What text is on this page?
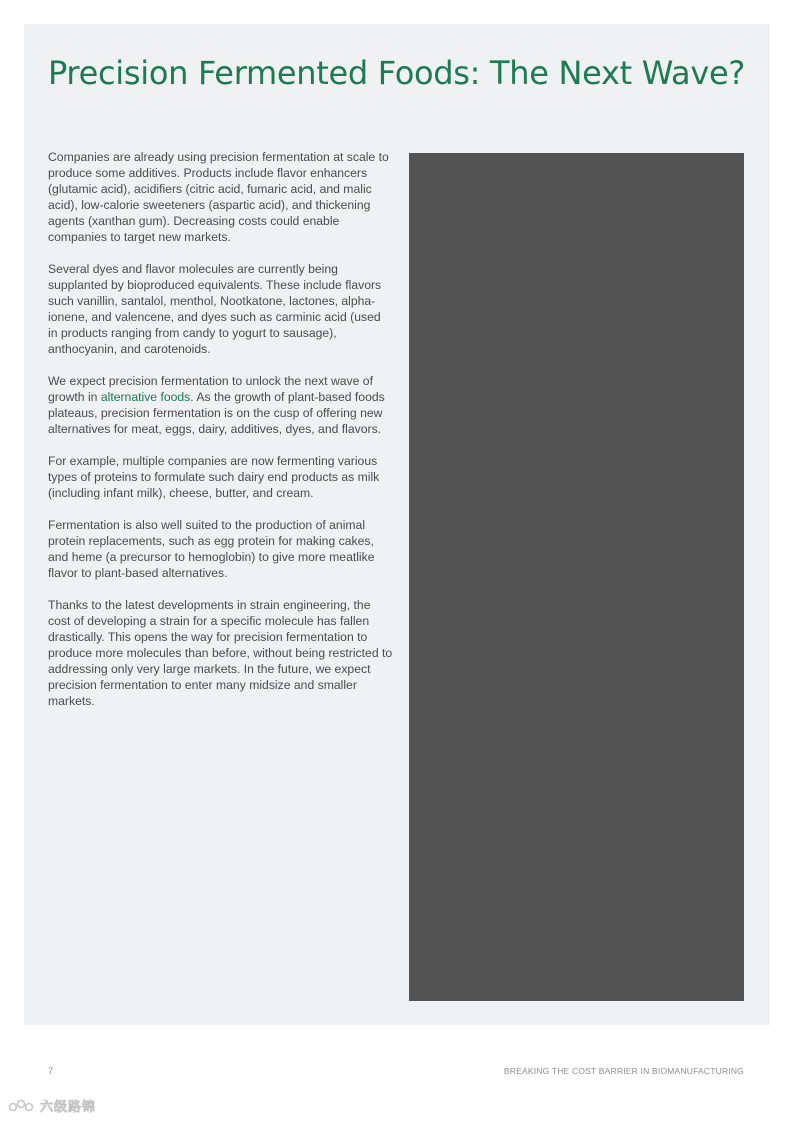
Precision Fermented Foods: The Next Wave?

Companies are already using precision fermentation at scale to produce some additives. Products include flavor enhancers (glutamic acid), acidifiers (citric acid, fumaric acid, and malic acid), low-calorie sweeteners (aspartic acid), and thickening agents (xanthan gum). Decreasing costs could enable companies to target new markets.

Several dyes and flavor molecules are currently being supplanted by bioproduced equivalents. These include flavors such vanillin, santalol, menthol, Nootkatone, lactones, alpha-ionene, and valencene, and dyes such as carminic acid (used in products ranging from candy to yogurt to sausage), anthocyanin, and carotenoids.

We expect precision fermentation to unlock the next wave of growth in alternative foods. As the growth of plant-based foods plateaus, precision fermentation is on the cusp of offering new alternatives for meat, eggs, dairy, additives, dyes, and flavors.

For example, multiple companies are now fermenting various types of proteins to formulate such dairy end products as milk (including infant milk), cheese, butter, and cream.

Fermentation is also well suited to the production of animal protein replacements, such as egg protein for making cakes, and heme (a precursor to hemoglobin) to give more meatlike flavor to plant-based alternatives.

Thanks to the latest developments in strain engineering, the cost of developing a strain for a specific molecule has fallen drastically. This opens the way for precision fermentation to produce more molecules than before, without being restricted to addressing only very large markets. In the future, we expect precision fermentation to enter many midsize and smaller markets.

7	BREAKING THE COST BARRIER IN BIOMANUFACTURING
六级路锦
